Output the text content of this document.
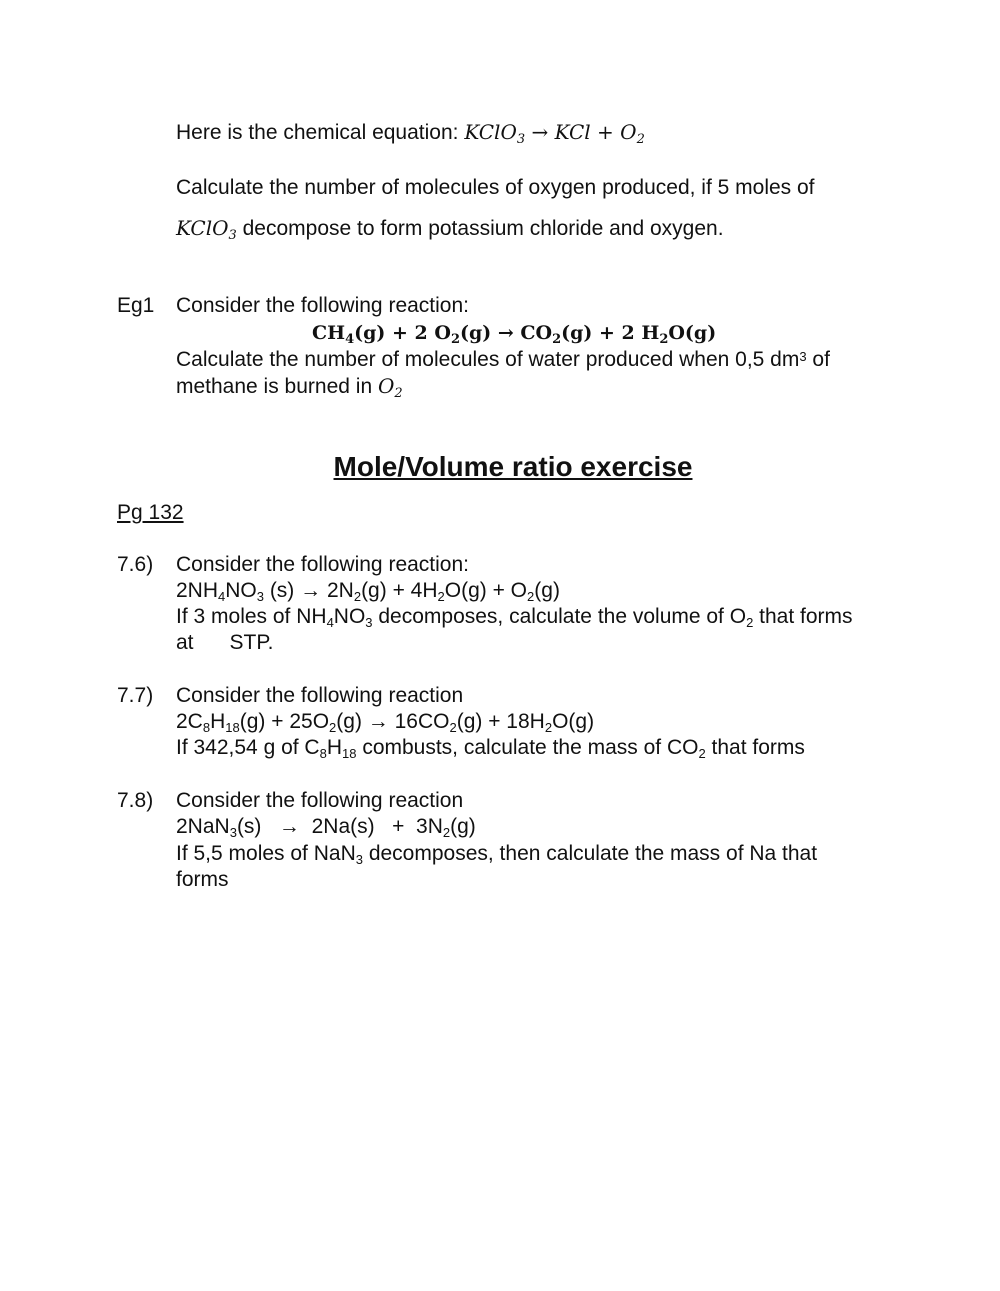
Here is the chemical equation: KClO$_3$ → KCl + $O_2$
Calculate the number of molecules of oxygen produced, if 5 moles of
KClO$_3$ decompose to form potassium chloride and oxygen.
Eg1 Consider the following reaction:
$CH_4(g) + 2$ $O_2(g) \to CO_2(g) + 2$ $H_2O(g)$
Calculate the number of molecules of water produced when 0,5 $dm^3$ of
methane is burned in $O_2$
Mole/Volume ratio exercise
Pg 132
7.6) Consider the following reaction:
$2NH_4NO_3$ $(s) \to 2N_2(g) + 4H_2O(g) + O_2(g)$
If 3 moles of $NH_4NO_3$ decomposes, calculate the volume of $O_2$ that forms
at STP.
7.7) Consider the following reaction
$2C_8H_{18}(g) + 25O_2(g) \to 16CO_2(g) + 18H_2O(g)$
If 342,54 g of $C_8H_{18}$ combusts, calculate the mass of $CO_2$ that forms
7.8) Consider the following reaction
$2NaN_3(s) \to 2Na(s) + 3N_2(g)$
If 5,5 moles of NaN$_3$ decomposes, then calculate the mass of Na that
forms
